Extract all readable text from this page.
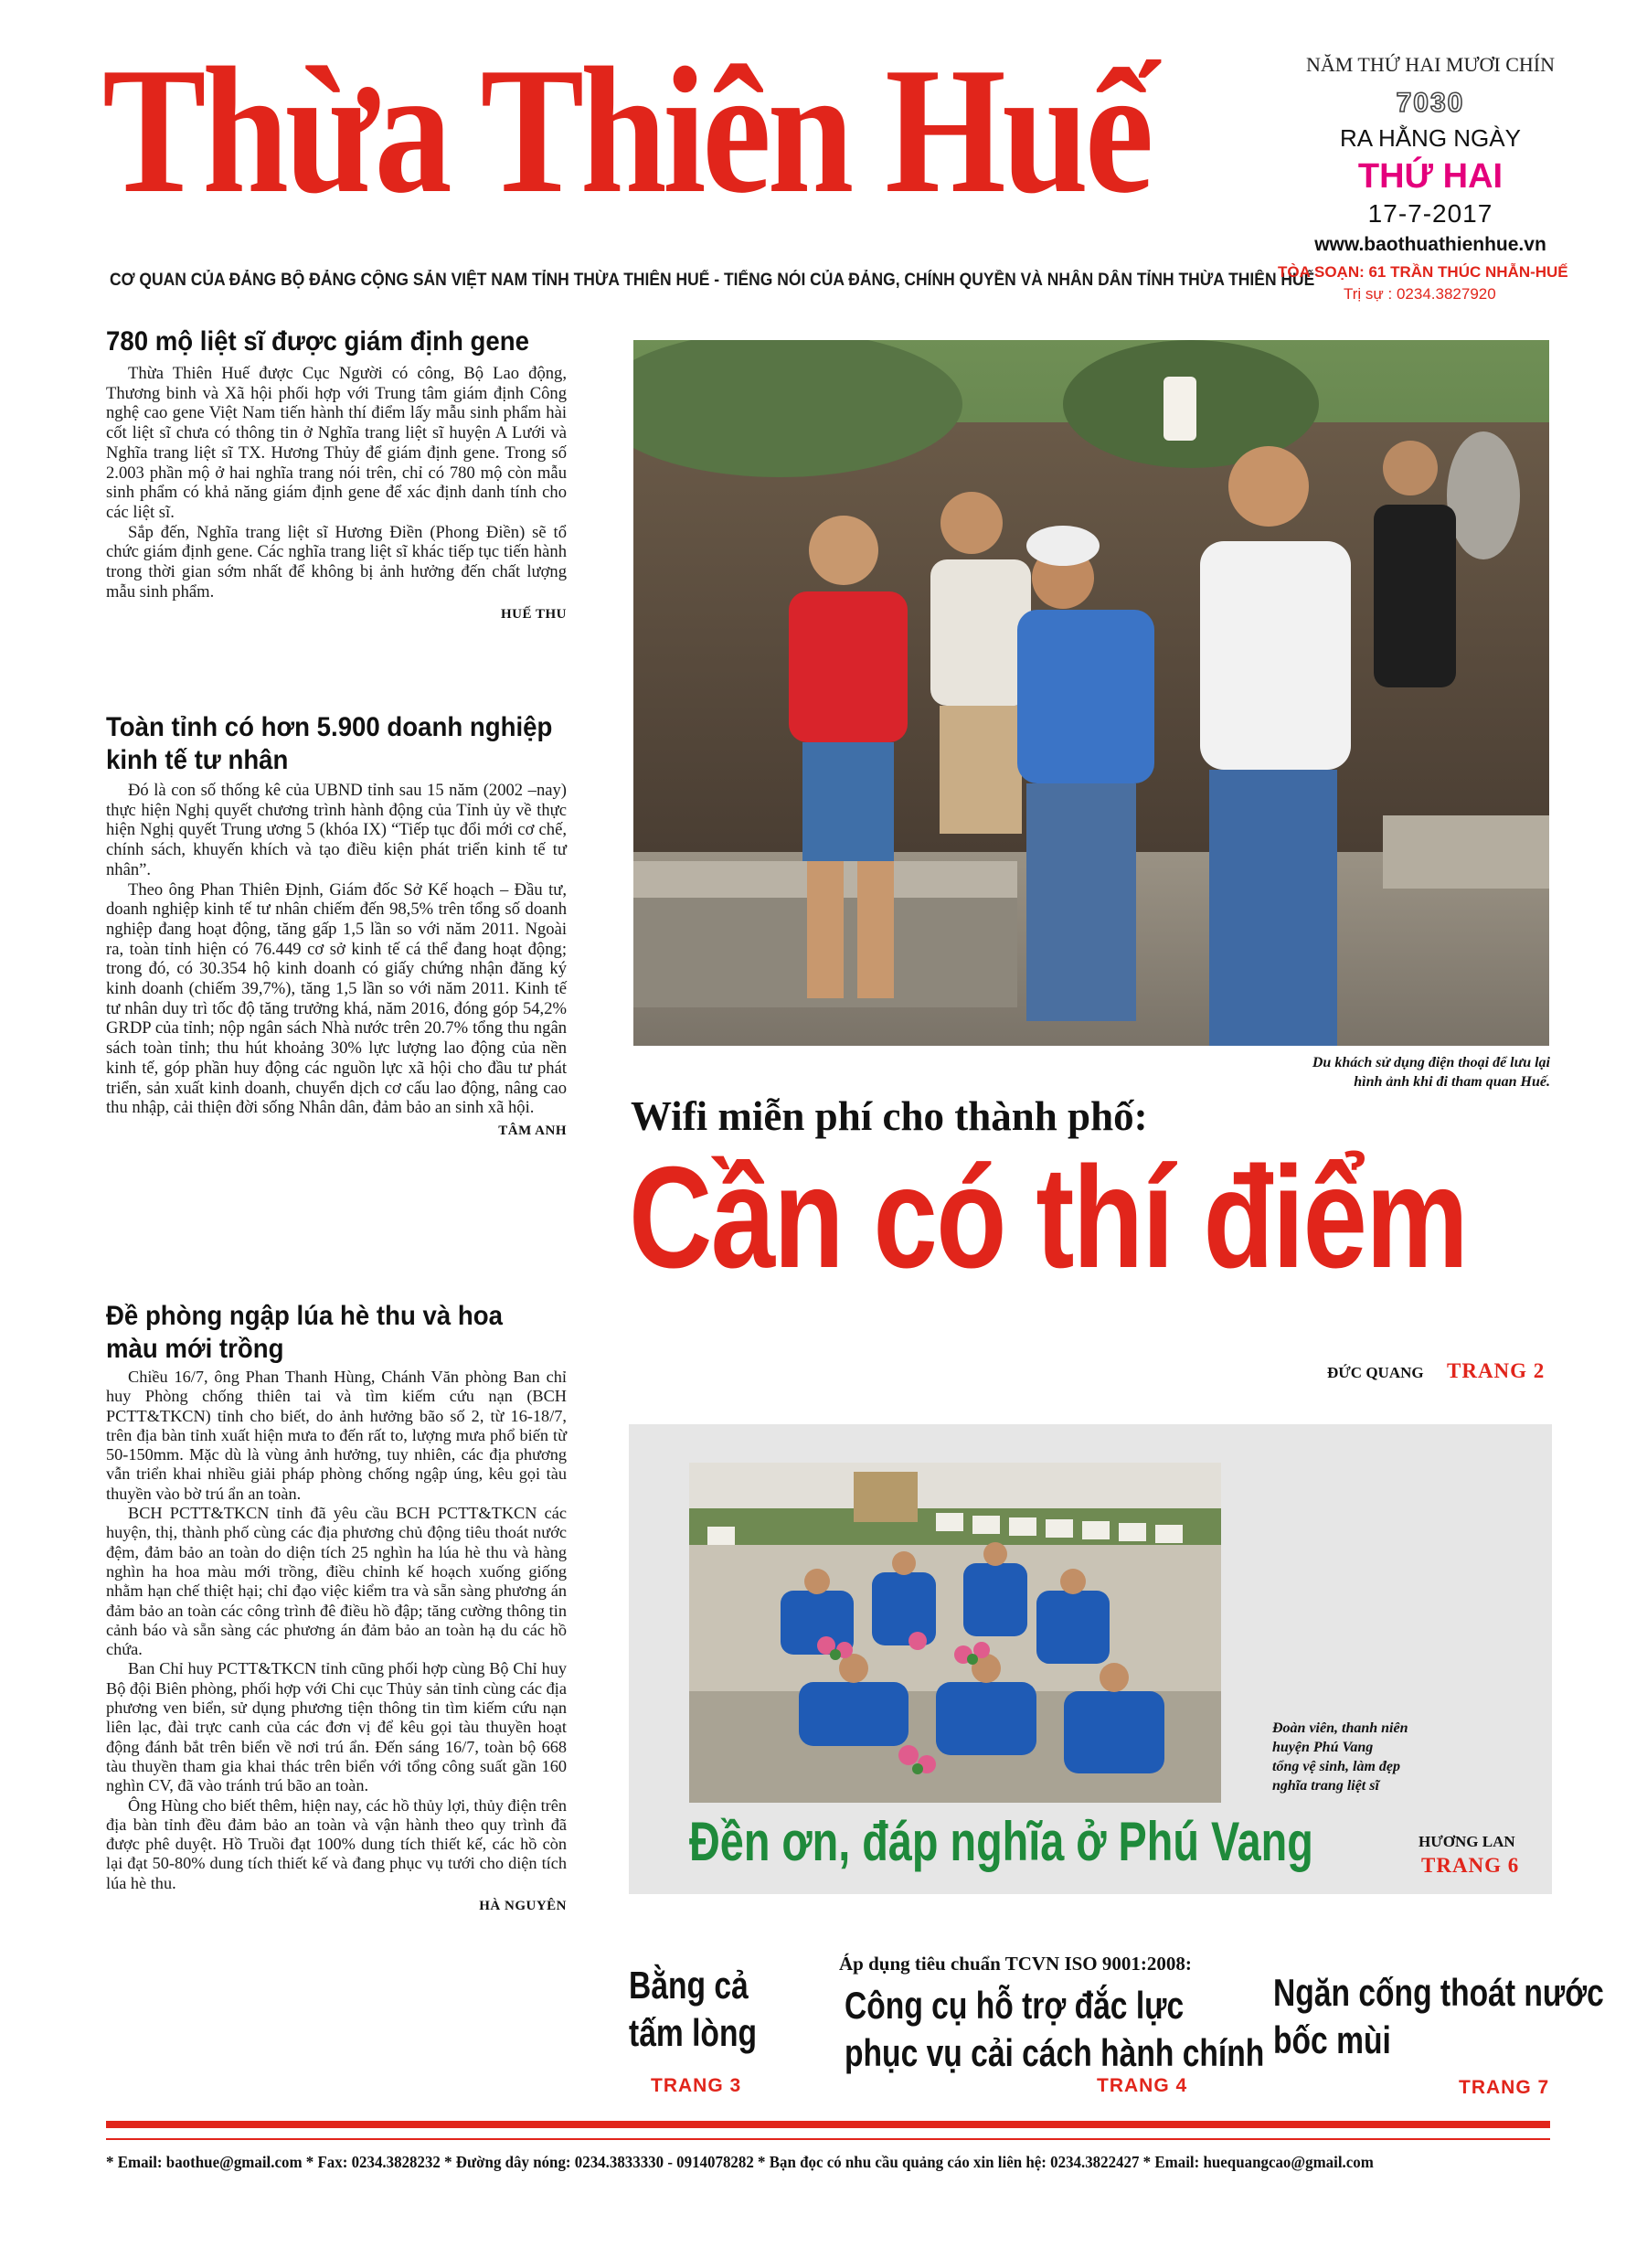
Thừa Thiên Huế
CƠ QUAN CỦA ĐẢNG BỘ ĐẢNG CỘNG SẢN VIỆT NAM TỈNH THỪA THIÊN HUẾ - TIẾNG NÓI CỦA ĐẢNG, CHÍNH QUYỀN VÀ NHÂN DÂN TỈNH THỪA THIÊN HUẾ
NĂM THỨ HAI MƯƠI CHÍN
7030
RA HẰNG NGÀY
THỨ HAI
17-7-2017
www.baothuathienhue.vn
TÒA SOẠN: 61 TRẦN THÚC NHẪN-HUẾ
Trị sự : 0234.3827920
780 mộ liệt sĩ được giám định gene

Thừa Thiên Huế được Cục Người có công, Bộ Lao động, Thương binh và Xã hội phối hợp với Trung tâm giám định Công nghệ cao gene Việt Nam tiến hành thí điểm lấy mẫu sinh phẩm hài cốt liệt sĩ chưa có thông tin ở Nghĩa trang liệt sĩ huyện A Lưới và Nghĩa trang liệt sĩ TX. Hương Thủy để giám định gene. Trong số 2.003 phần mộ ở hai nghĩa trang nói trên, chỉ có 780 mộ còn mẫu sinh phẩm có khả năng giám định gene để xác định danh tính cho các liệt sĩ.

Sắp đến, Nghĩa trang liệt sĩ Hương Điền (Phong Điền) sẽ tổ chức giám định gene. Các nghĩa trang liệt sĩ khác tiếp tục tiến hành trong thời gian sớm nhất để không bị ảnh hưởng đến chất lượng mẫu sinh phẩm.

HUẾ THU
Toàn tỉnh có hơn 5.900 doanh nghiệp kinh tế tư nhân

Đó là con số thống kê của UBND tỉnh sau 15 năm (2002 –nay) thực hiện Nghị quyết chương trình hành động của Tỉnh ủy về thực hiện Nghị quyết Trung ương 5 (khóa IX) “Tiếp tục đổi mới cơ chế, chính sách, khuyến khích và tạo điều kiện phát triển kinh tế tư nhân”.

Theo ông Phan Thiên Định, Giám đốc Sở Kế hoạch – Đầu tư, doanh nghiệp kinh tế tư nhân chiếm đến 98,5% trên tổng số doanh nghiệp đang hoạt động, tăng gấp 1,5 lần so với năm 2011. Ngoài ra, toàn tỉnh hiện có 76.449 cơ sở kinh tế cá thể đang hoạt động; trong đó, có 30.354 hộ kinh doanh có giấy chứng nhận đăng ký kinh doanh (chiếm 39,7%), tăng 1,5 lần so với năm 2011. Kinh tế tư nhân duy trì tốc độ tăng trưởng khá, năm 2016, đóng góp 54,2% GRDP của tỉnh; nộp ngân sách Nhà nước trên 20.7% tổng thu ngân sách toàn tỉnh; thu hút khoảng 30% lực lượng lao động của nền kinh tế, góp phần huy động các nguồn lực xã hội cho đầu tư phát triển, sản xuất kinh doanh, chuyển dịch cơ cấu lao động, nâng cao thu nhập, cải thiện đời sống Nhân dân, đảm bảo an sinh xã hội.

TÂM ANH
Đề phòng ngập lúa hè thu và hoa màu mới trồng

Chiều 16/7, ông Phan Thanh Hùng, Chánh Văn phòng Ban chỉ huy Phòng chống thiên tai và tìm kiếm cứu nạn (BCH PCTT&TKCN) tỉnh cho biết, do ảnh hưởng bão số 2, từ 16-18/7, trên địa bàn tỉnh xuất hiện mưa to đến rất to, lượng mưa phổ biến từ 50-150mm. Mặc dù là vùng ảnh hưởng, tuy nhiên, các địa phương vẫn triển khai nhiều giải pháp phòng chống ngập úng, kêu gọi tàu thuyền vào bờ trú ẩn an toàn.

BCH PCTT&TKCN tỉnh đã yêu cầu BCH PCTT&TKCN các huyện, thị, thành phố cùng các địa phương chủ động tiêu thoát nước đệm, đảm bảo an toàn do diện tích 25 nghìn ha lúa hè thu và hàng nghìn ha hoa màu mới trồng, điều chỉnh kế hoạch xuống giống nhằm hạn chế thiệt hại; chỉ đạo việc kiểm tra và sẵn sàng phương án đảm bảo an toàn các công trình đê điều hồ đập; tăng cường thông tin cảnh báo và sẵn sàng các phương án đảm bảo an toàn hạ du các hồ chứa.

Ban Chỉ huy PCTT&TKCN tỉnh cũng phối hợp cùng Bộ Chỉ huy Bộ đội Biên phòng, phối hợp với Chi cục Thủy sản tỉnh cùng các địa phương ven biển, sử dụng phương tiện thông tin tìm kiếm cứu nạn liên lạc, đài trực canh của các đơn vị để kêu gọi tàu thuyền hoạt động đánh bắt trên biển về nơi trú ẩn. Đến sáng 16/7, toàn bộ 668 tàu thuyền tham gia khai thác trên biển với tổng công suất gần 160 nghìn CV, đã vào tránh trú bão an toàn.

Ông Hùng cho biết thêm, hiện nay, các hồ thủy lợi, thủy điện trên địa bàn tỉnh đều đảm bảo an toàn và vận hành theo quy trình đã được phê duyệt. Hồ Truồi đạt 100% dung tích thiết kế, các hồ còn lại đạt 50-80% dung tích thiết kế và đang phục vụ tưới cho diện tích lúa hè thu.

HÀ NGUYÊN
Du khách sử dụng điện thoại để lưu lại
hình ảnh khi đi tham quan Huế.
Wifi miễn phí cho thành phố:
Cần có thí điểm
ĐỨC QUANG TRANG 2
Đoàn viên, thanh niên
huyện Phú Vang
tổng vệ sinh, làm đẹp
nghĩa trang liệt sĩ
Đền ơn, đáp nghĩa ở Phú Vang	HƯƠNG LAN
TRANG 6
Bằng cả
tấm lòng
TRANG 3
Áp dụng tiêu chuẩn TCVN ISO 9001:2008:
Công cụ hỗ trợ đắc lực
phục vụ cải cách hành chính
TRANG 4
Ngăn cống thoát nước
bốc mùi
TRANG 7
* Email: baothue@gmail.com * Fax: 0234.3828232 * Đường dây nóng: 0234.3833330 - 0914078282 * Bạn đọc có nhu cầu quảng cáo xin liên hệ: 0234.3822427 * Email: huequangcao@gmail.com
